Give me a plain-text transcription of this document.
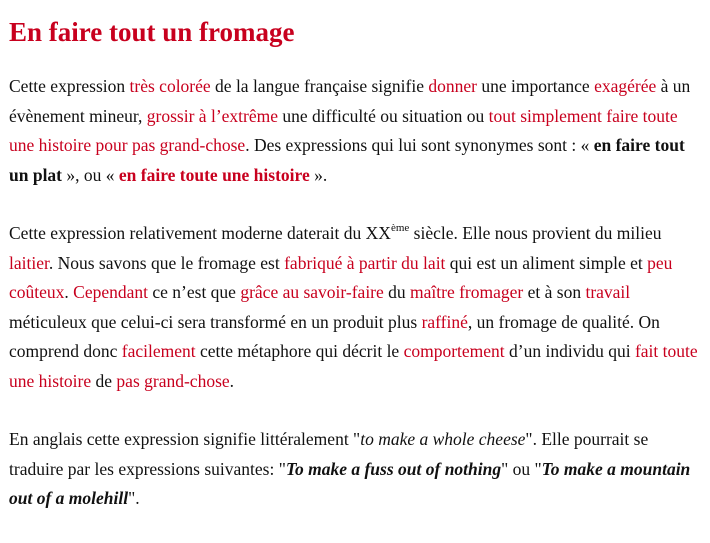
En faire tout un fromage

Cette expression très colorée de la langue française signifie donner une importance exagérée à un évènement mineur, grossir à l’extrême une difficulté ou situation ou tout simplement faire toute une histoire pour pas grand-chose. Des expressions qui lui sont synonymes sont : « en faire tout un plat », ou « en faire toute une histoire ».

Cette expression relativement moderne daterait du XXème siècle. Elle nous provient du milieu laitier. Nous savons que le fromage est fabriqué à partir du lait qui est un aliment simple et peu coûteux. Cependant ce n’est que grâce au savoir-faire du maître fromager et à son travail méticuleux que celui-ci sera transformé en un produit plus raffiné, un fromage de qualité. On comprend donc facilement cette métaphore qui décrit le comportement d’un individu qui fait toute une histoire de pas grand-chose.

En anglais cette expression signifie littéralement "to make a whole cheese". Elle pourrait se traduire par les expressions suivantes: "To make a fuss out of nothing" ou "To make a mountain out of a molehill".
